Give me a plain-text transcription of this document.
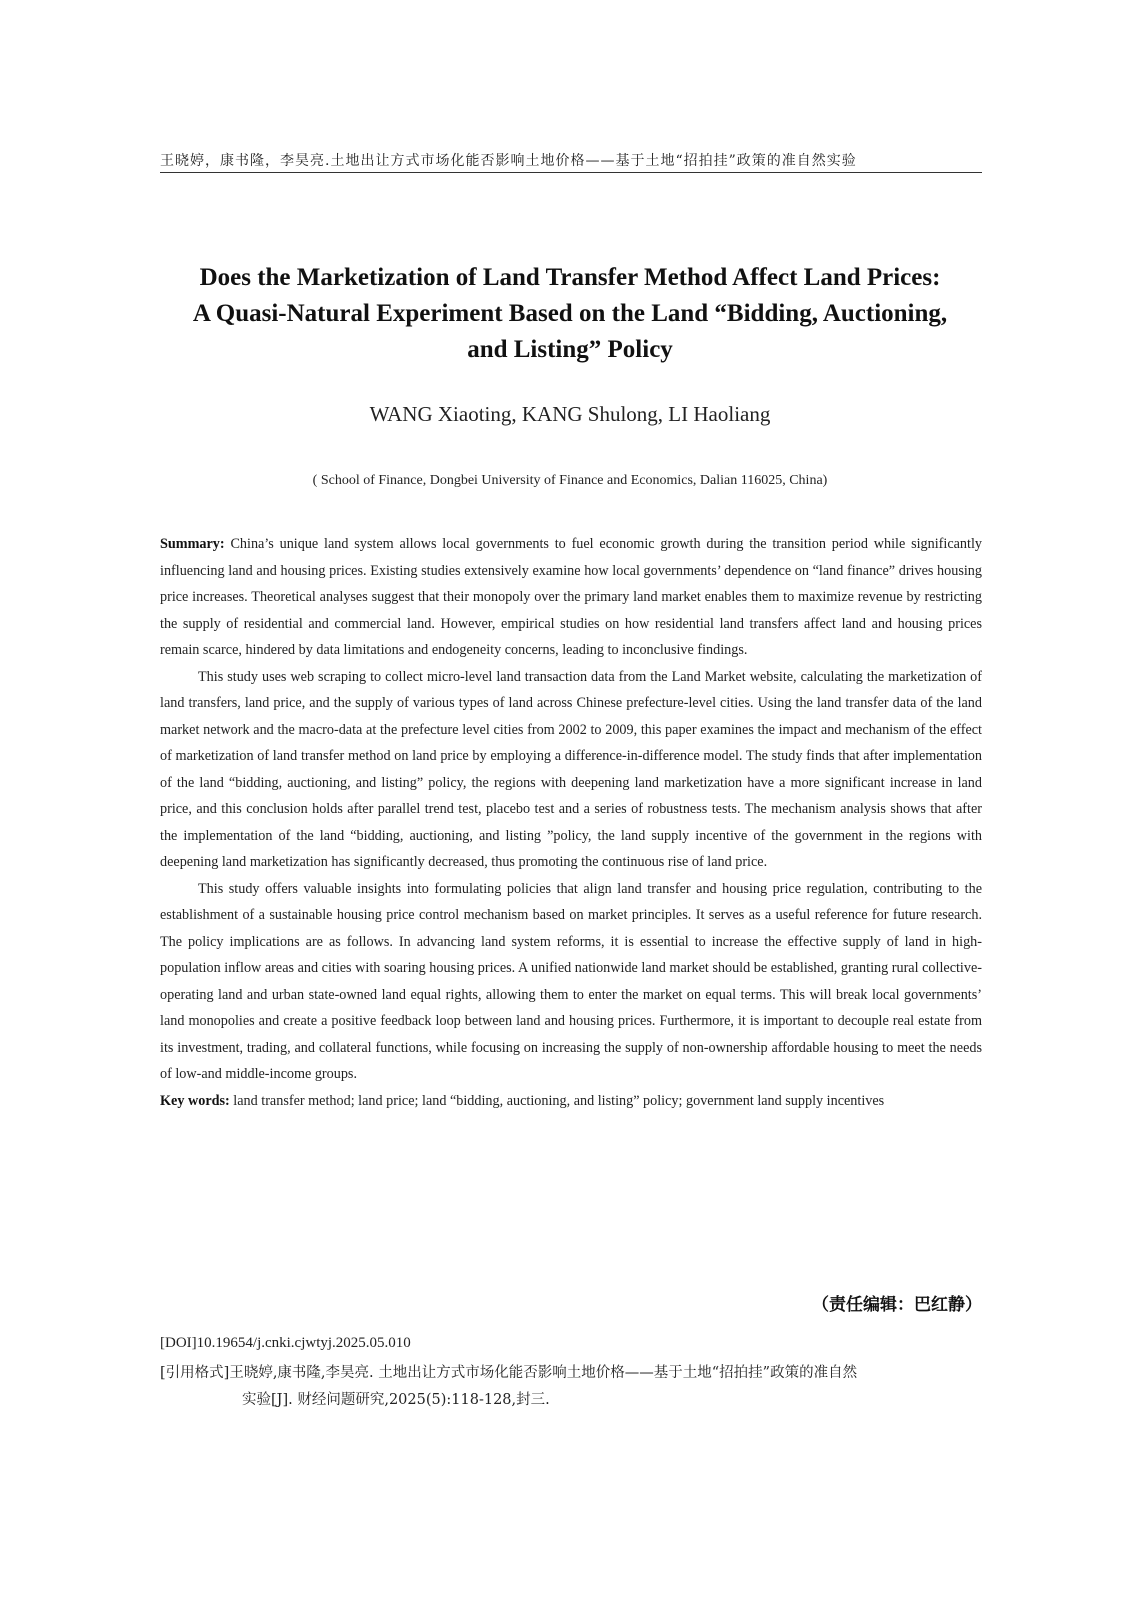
王晓婷，康书隆，李昊亮.土地出让方式市场化能否影响土地价格——基于土地“招拍挂”政策的准自然实验
Does the Marketization of Land Transfer Method Affect Land Prices:
A Quasi-Natural Experiment Based on the Land “Bidding, Auctioning,
and Listing” Policy
WANG Xiaoting, KANG Shulong, LI Haoliang
( School of Finance, Dongbei University of Finance and Economics, Dalian 116025, China)

Summary: China’s unique land system allows local governments to fuel economic growth during the transition period while significantly influencing land and housing prices. Existing studies extensively examine how local governments’ dependence on “land finance” drives housing price increases. Theoretical analyses suggest that their monopoly over the primary land market enables them to maximize revenue by restricting the supply of residential and commercial land. However, empirical studies on how residential land transfers affect land and housing prices remain scarce, hindered by data limitations and endogeneity concerns, leading to inconclusive findings.

This study uses web scraping to collect micro-level land transaction data from the Land Market website, calculating the marketization of land transfers, land price, and the supply of various types of land across Chinese prefecture-level cities. Using the land transfer data of the land market network and the macro-data at the prefecture level cities from 2002 to 2009, this paper examines the impact and mechanism of the effect of marketization of land transfer method on land price by employing a difference-in-difference model. The study finds that after implementation of the land “bidding, auctioning, and listing” policy, the regions with deepening land marketization have a more significant increase in land price, and this conclusion holds after parallel trend test, placebo test and a series of robustness tests. The mechanism analysis shows that after the implementation of the land “bidding, auctioning, and listing ”policy, the land supply incentive of the government in the regions with deepening land marketization has significantly decreased, thus promoting the continuous rise of land price.

This study offers valuable insights into formulating policies that align land transfer and housing price regulation, contributing to the establishment of a sustainable housing price control mechanism based on market principles. It serves as a useful reference for future research. The policy implications are as follows. In advancing land system reforms, it is essential to increase the effective supply of land in high-population inflow areas and cities with soaring housing prices. A unified nationwide land market should be established, granting rural collective-operating land and urban state-owned land equal rights, allowing them to enter the market on equal terms. This will break local governments’ land monopolies and create a positive feedback loop between land and housing prices. Furthermore, it is important to decouple real estate from its investment, trading, and collateral functions, while focusing on increasing the supply of non-ownership affordable housing to meet the needs of low-and middle-income groups.

Key words: land transfer method; land price; land “bidding, auctioning, and listing” policy; government land supply incentives

（责任编辑：巴红静）
[DOI]10.19654/j.cnki.cjwtyj.2025.05.010
[引用格式]王晓婷,康书隆,李昊亮. 土地出让方式市场化能否影响土地价格——基于土地“招拍挂”政策的准自然
实验[J]. 财经问题研究,2025(5):118-128,封三.
